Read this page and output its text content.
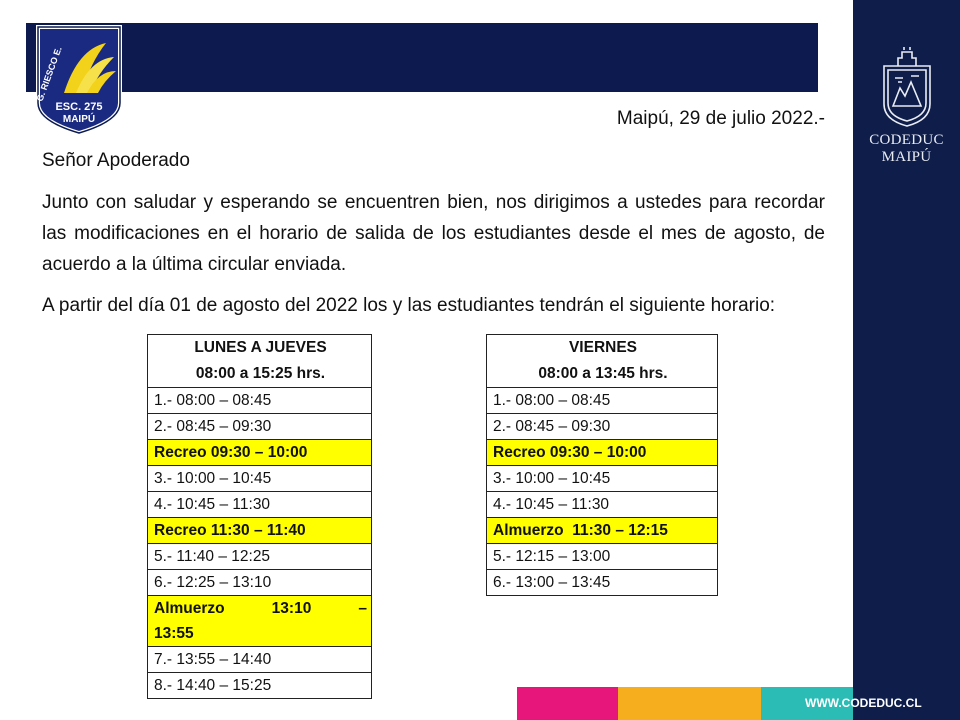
G. RIESCO E.
ESC. 275
MAIPÚ
CODEDUC
MAIPÚ
WWW.CODEDUC.CL
Maipú, 29 de julio 2022.-
Señor Apoderado
Junto con saludar y esperando se encuentren bien, nos dirigimos a ustedes para recordar las modificaciones en el horario de salida de los estudiantes desde el mes de agosto, de acuerdo a la última circular enviada.
A partir del día 01 de agosto del 2022 los y las estudiantes tendrán el siguiente horario:
LUNES A JUEVES
08:00 a 15:25 hrs.

1.- 08:00 – 08:45
2.- 08:45 – 09:30
Recreo 09:30 – 10:00
3.- 10:00 – 10:45
4.- 10:45 – 11:30
Recreo 11:30 – 11:40
5.- 11:40 – 12:25
6.- 12:25 – 13:10

Almuerzo	13:10	–
13:55

7.- 13:55 – 14:40
8.- 14:40 – 15:25
VIERNES
08:00 a 13:45 hrs.

1.- 08:00 – 08:45
2.- 08:45 – 09:30
Recreo 09:30 – 10:00
3.- 10:00 – 10:45
4.- 10:45 – 11:30
Almuerzo  11:30 – 12:15
5.- 12:15 – 13:00
6.- 13:00 – 13:45
